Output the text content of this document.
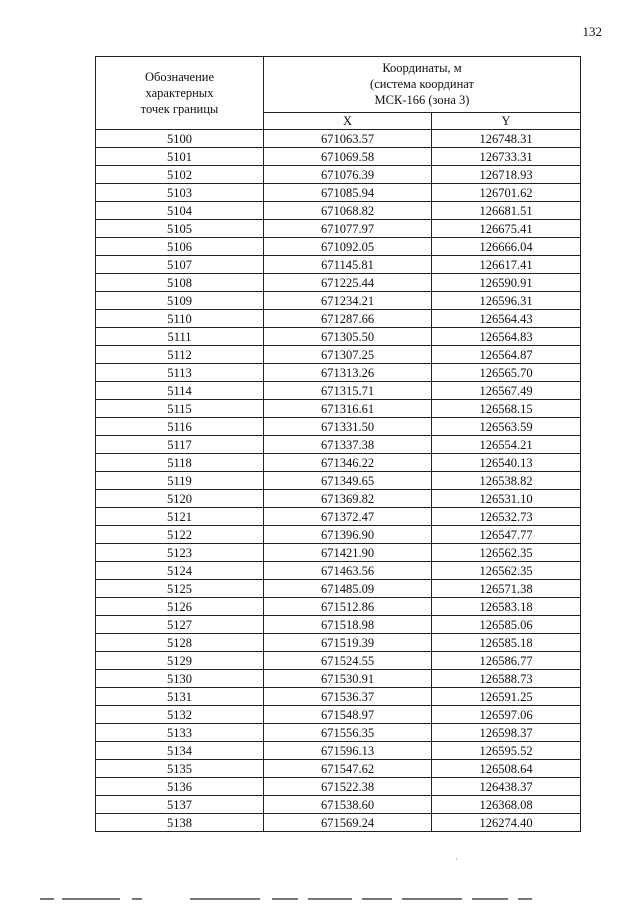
132
Обозначение
характерных
точек границы	Координаты, м
(система координат
МСК-166 (зона 3)	

	X	Y
5100	671063.57	126748.31
5101	671069.58	126733.31
5102	671076.39	126718.93
5103	671085.94	126701.62
5104	671068.82	126681.51
5105	671077.97	126675.41
5106	671092.05	126666.04
5107	671145.81	126617.41
5108	671225.44	126590.91
5109	671234.21	126596.31
5110	671287.66	126564.43
5111	671305.50	126564.83
5112	671307.25	126564.87
5113	671313.26	126565.70
5114	671315.71	126567.49
5115	671316.61	126568.15
5116	671331.50	126563.59
5117	671337.38	126554.21
5118	671346.22	126540.13
5119	671349.65	126538.82
5120	671369.82	126531.10
5121	671372.47	126532.73
5122	671396.90	126547.77
5123	671421.90	126562.35
5124	671463.56	126562.35
5125	671485.09	126571.38
5126	671512.86	126583.18
5127	671518.98	126585.06
5128	671519.39	126585.18
5129	671524.55	126586.77
5130	671530.91	126588.73
5131	671536.37	126591.25
5132	671548.97	126597.06
5133	671556.35	126598.37
5134	671596.13	126595.52
5135	671547.62	126508.64
5136	671522.38	126438.37
5137	671538.60	126368.08
5138	671569.24	126274.40
